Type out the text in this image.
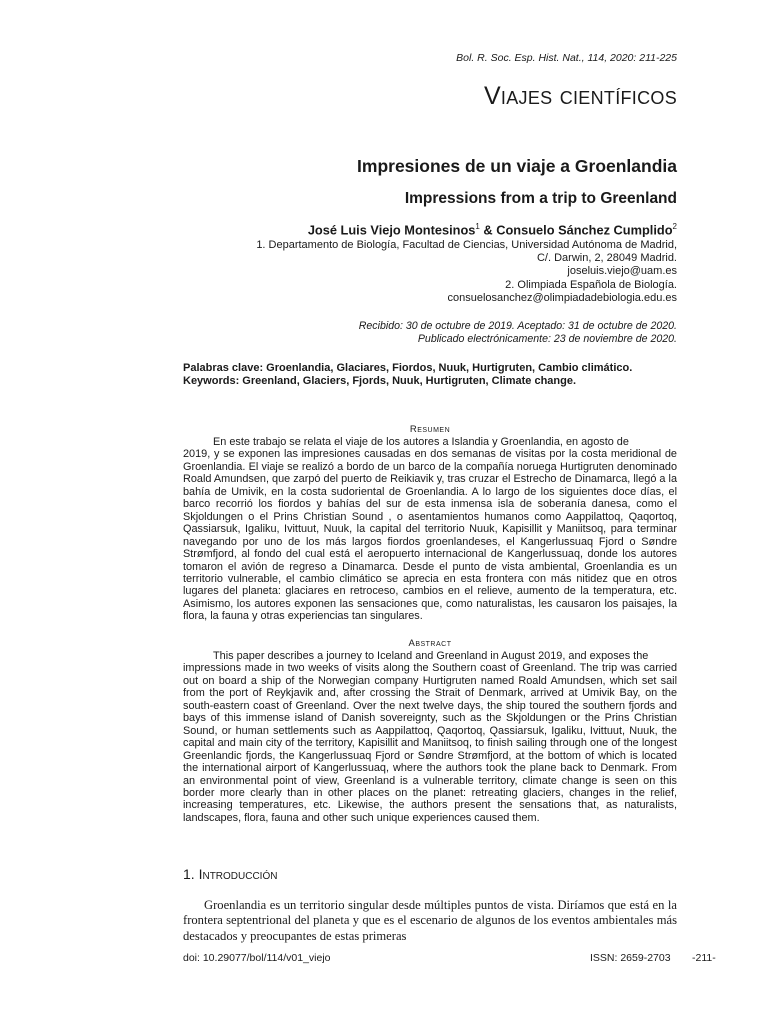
Bol. R. Soc. Esp. Hist. Nat., 114, 2020: 211-225
Viajes científicos
Impresiones de un viaje a Groenlandia
Impressions from a trip to Greenland
José Luis Viejo Montesinos$^1$ & Consuelo Sánchez Cumplido$^2$
1. Departamento de Biología, Facultad de Ciencias, Universidad Autónoma de Madrid,
C/. Darwin, 2, 28049 Madrid.
joseluis.viejo@uam.es
2. Olimpiada Española de Biología.
consuelosanchez@olimpiadadebiologia.edu.es
Recibido: 30 de octubre de 2019. Aceptado: 31 de octubre de 2020.
Publicado electrónicamente: 23 de noviembre de 2020.

Palabras clave: Groenlandia, Glaciares, Fiordos, Nuuk, Hurtigruten, Cambio climático.

Keywords: Greenland, Glaciers, Fjords, Nuuk, Hurtigruten, Climate change.

Resumen

En este trabajo se relata el viaje de los autores a Islandia y Groenlandia, en agosto de
2019, y se exponen las impresiones causadas en dos semanas de visitas por la costa meridional de Groenlandia. El viaje se realizó a bordo de un barco de la compañía noruega Hurtigruten denominado Roald Amundsen, que zarpó del puerto de Reikiavik y, tras cruzar el Estrecho de Dinamarca, llegó a la bahía de Umivik, en la costa sudoriental de Groenlandia. A lo largo de los siguientes doce días, el barco recorrió los fiordos y bahías del sur de esta inmensa isla de soberanía danesa, como el Skjoldungen o el Prins Christian Sound , o asentamientos humanos como Aappilattoq, Qaqortoq, Qassiarsuk, Igaliku, Ivittuut, Nuuk, la capital del territorio Nuuk, Kapisillit y Maniitsoq, para terminar navegando por uno de los más largos fiordos groenlandeses, el Kangerlussuaq Fjord o Søndre Strømfjord, al fondo del cual está el aeropuerto internacional de Kangerlussuaq, donde los autores tomaron el avión de regreso a Dinamarca. Desde el punto de vista ambiental, Groenlandia es un territorio vulnerable, el cambio climático se aprecia en esta frontera con más nitidez que en otros lugares del planeta: glaciares en retroceso, cambios en el relieve, aumento de la temperatura, etc. Asimismo, los autores exponen las sensaciones que, como naturalistas, les causaron los paisajes, la flora, la fauna y otras experiencias tan singulares.

Abstract

This paper describes a journey to Iceland and Greenland in August 2019, and exposes the
impressions made in two weeks of visits along the Southern coast of Greenland. The trip was carried out on board a ship of the Norwegian company Hurtigruten named Roald Amundsen, which set sail from the port of Reykjavik and, after crossing the Strait of Denmark, arrived at Umivik Bay, on the south-eastern coast of Greenland. Over the next twelve days, the ship toured the southern fjords and bays of this immense island of Danish sovereignty, such as the Skjoldungen or the Prins Christian Sound, or human settlements such as Aappilattoq, Qaqortoq, Qassiarsuk, Igaliku, Ivittuut, Nuuk, the capital and main city of the territory, Kapisillit and Maniitsoq, to finish sailing through one of the longest Greenlandic fjords, the Kangerlussuaq Fjord or Søndre Strømfjord, at the bottom of which is located the international airport of Kangerlussuaq, where the authors took the plane back to Denmark. From an environmental point of view, Greenland is a vulnerable territory, climate change is seen on this border more clearly than in other places on the planet: retreating glaciers, changes in the relief, increasing temperatures, etc. Likewise, the authors present the sensations that, as naturalists, landscapes, flora, fauna and other such unique experiences caused them.

1. Introducción

Groenlandia es un territorio singular desde múltiples puntos de vista. Diríamos que está en la frontera septentrional del planeta y que es el escenario de algunos de los eventos ambientales más destacados y preocupantes de estas primeras

doi: 10.29077/bol/114/v01_viejo	ISSN: 2659-2703 -211-
